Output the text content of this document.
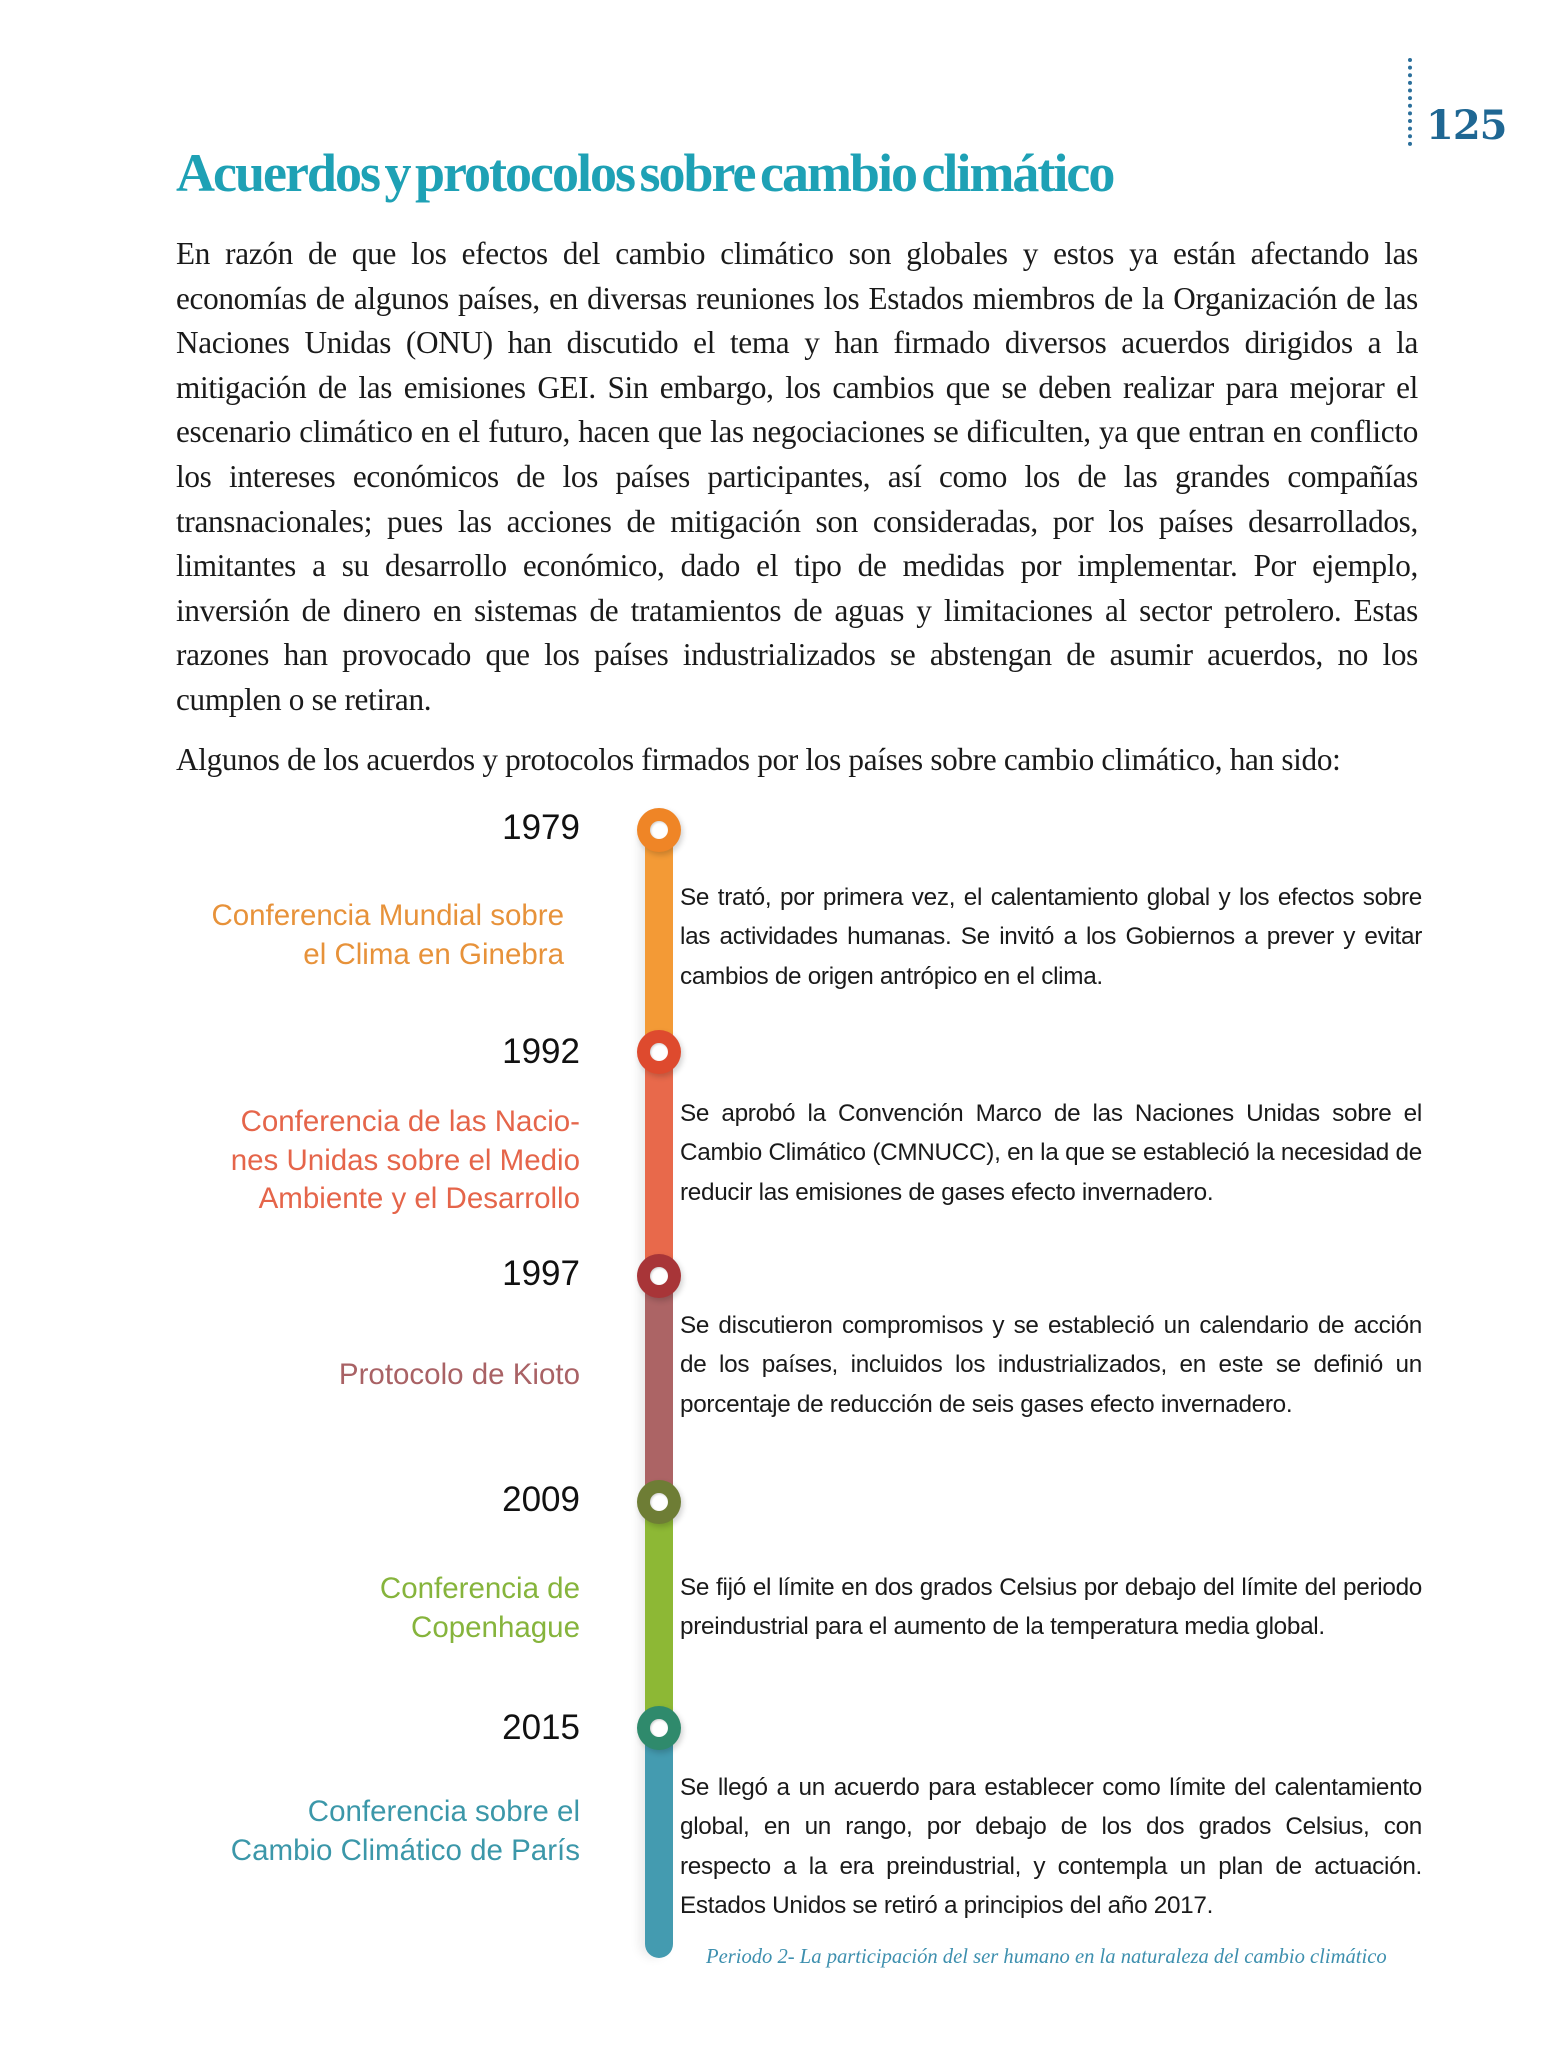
125
Acuerdos y protocolos sobre cambio climático

En razón de que los efectos del cambio climático son globales y estos ya están afectando las economías de algunos países, en diversas reuniones los Estados miembros de la Organización de las Naciones Unidas (ONU) han discutido el tema y han firmado diversos acuerdos dirigidos a la mitigación de las emisiones GEI. Sin embargo, los cambios que se deben realizar para mejorar el escenario climático en el futuro, hacen que las negociaciones se dificulten, ya que entran en conflicto los intereses económicos de los países participantes, así como los de las grandes compañías transnacionales; pues las acciones de mitigación son consideradas, por los países desarrollados, limitantes a su desarrollo económico, dado el tipo de medidas por implementar. Por ejemplo, inversión de dinero en sistemas de tratamientos de aguas y limitaciones al sector petrolero. Estas razones han provocado que los países industrializados se abstengan de asumir acuerdos, no los cumplen o se retiran.

Algunos de los acuerdos y protocolos firmados por los países sobre cambio climático, han sido:

1979
Conferencia Mundial sobre
el Clima en Ginebra

Se trató, por primera vez, el calentamiento global y los efectos sobre las actividades humanas. Se invitó a los Gobiernos a prever y evitar cambios de origen antrópico en el clima.

1992
Conferencia de las Nacio-
nes Unidas sobre el Medio
Ambiente y el Desarrollo

Se aprobó la Convención Marco de las Naciones Unidas sobre el Cambio Climático (CMNUCC), en la que se estableció la necesidad de reducir las emisiones de gases efecto invernadero.

1997
Protocolo de Kioto

Se discutieron compromisos y se estableció un calendario de acción de los países, incluidos los industrializados, en este se definió un porcentaje de reducción de seis gases efecto invernadero.

2009
Conferencia de
Copenhague

Se fijó el límite en dos grados Celsius por debajo del límite del periodo preindustrial para el aumento de la temperatura media global.

2015
Conferencia sobre el
Cambio Climático de París

Se llegó a un acuerdo para establecer como límite del calentamiento global, en un rango, por debajo de los dos grados Celsius, con respecto a la era preindustrial, y contempla un plan de actuación. Estados Unidos se retiró a principios del año 2017.

Periodo 2- La participación del ser humano en la naturaleza del cambio climático
